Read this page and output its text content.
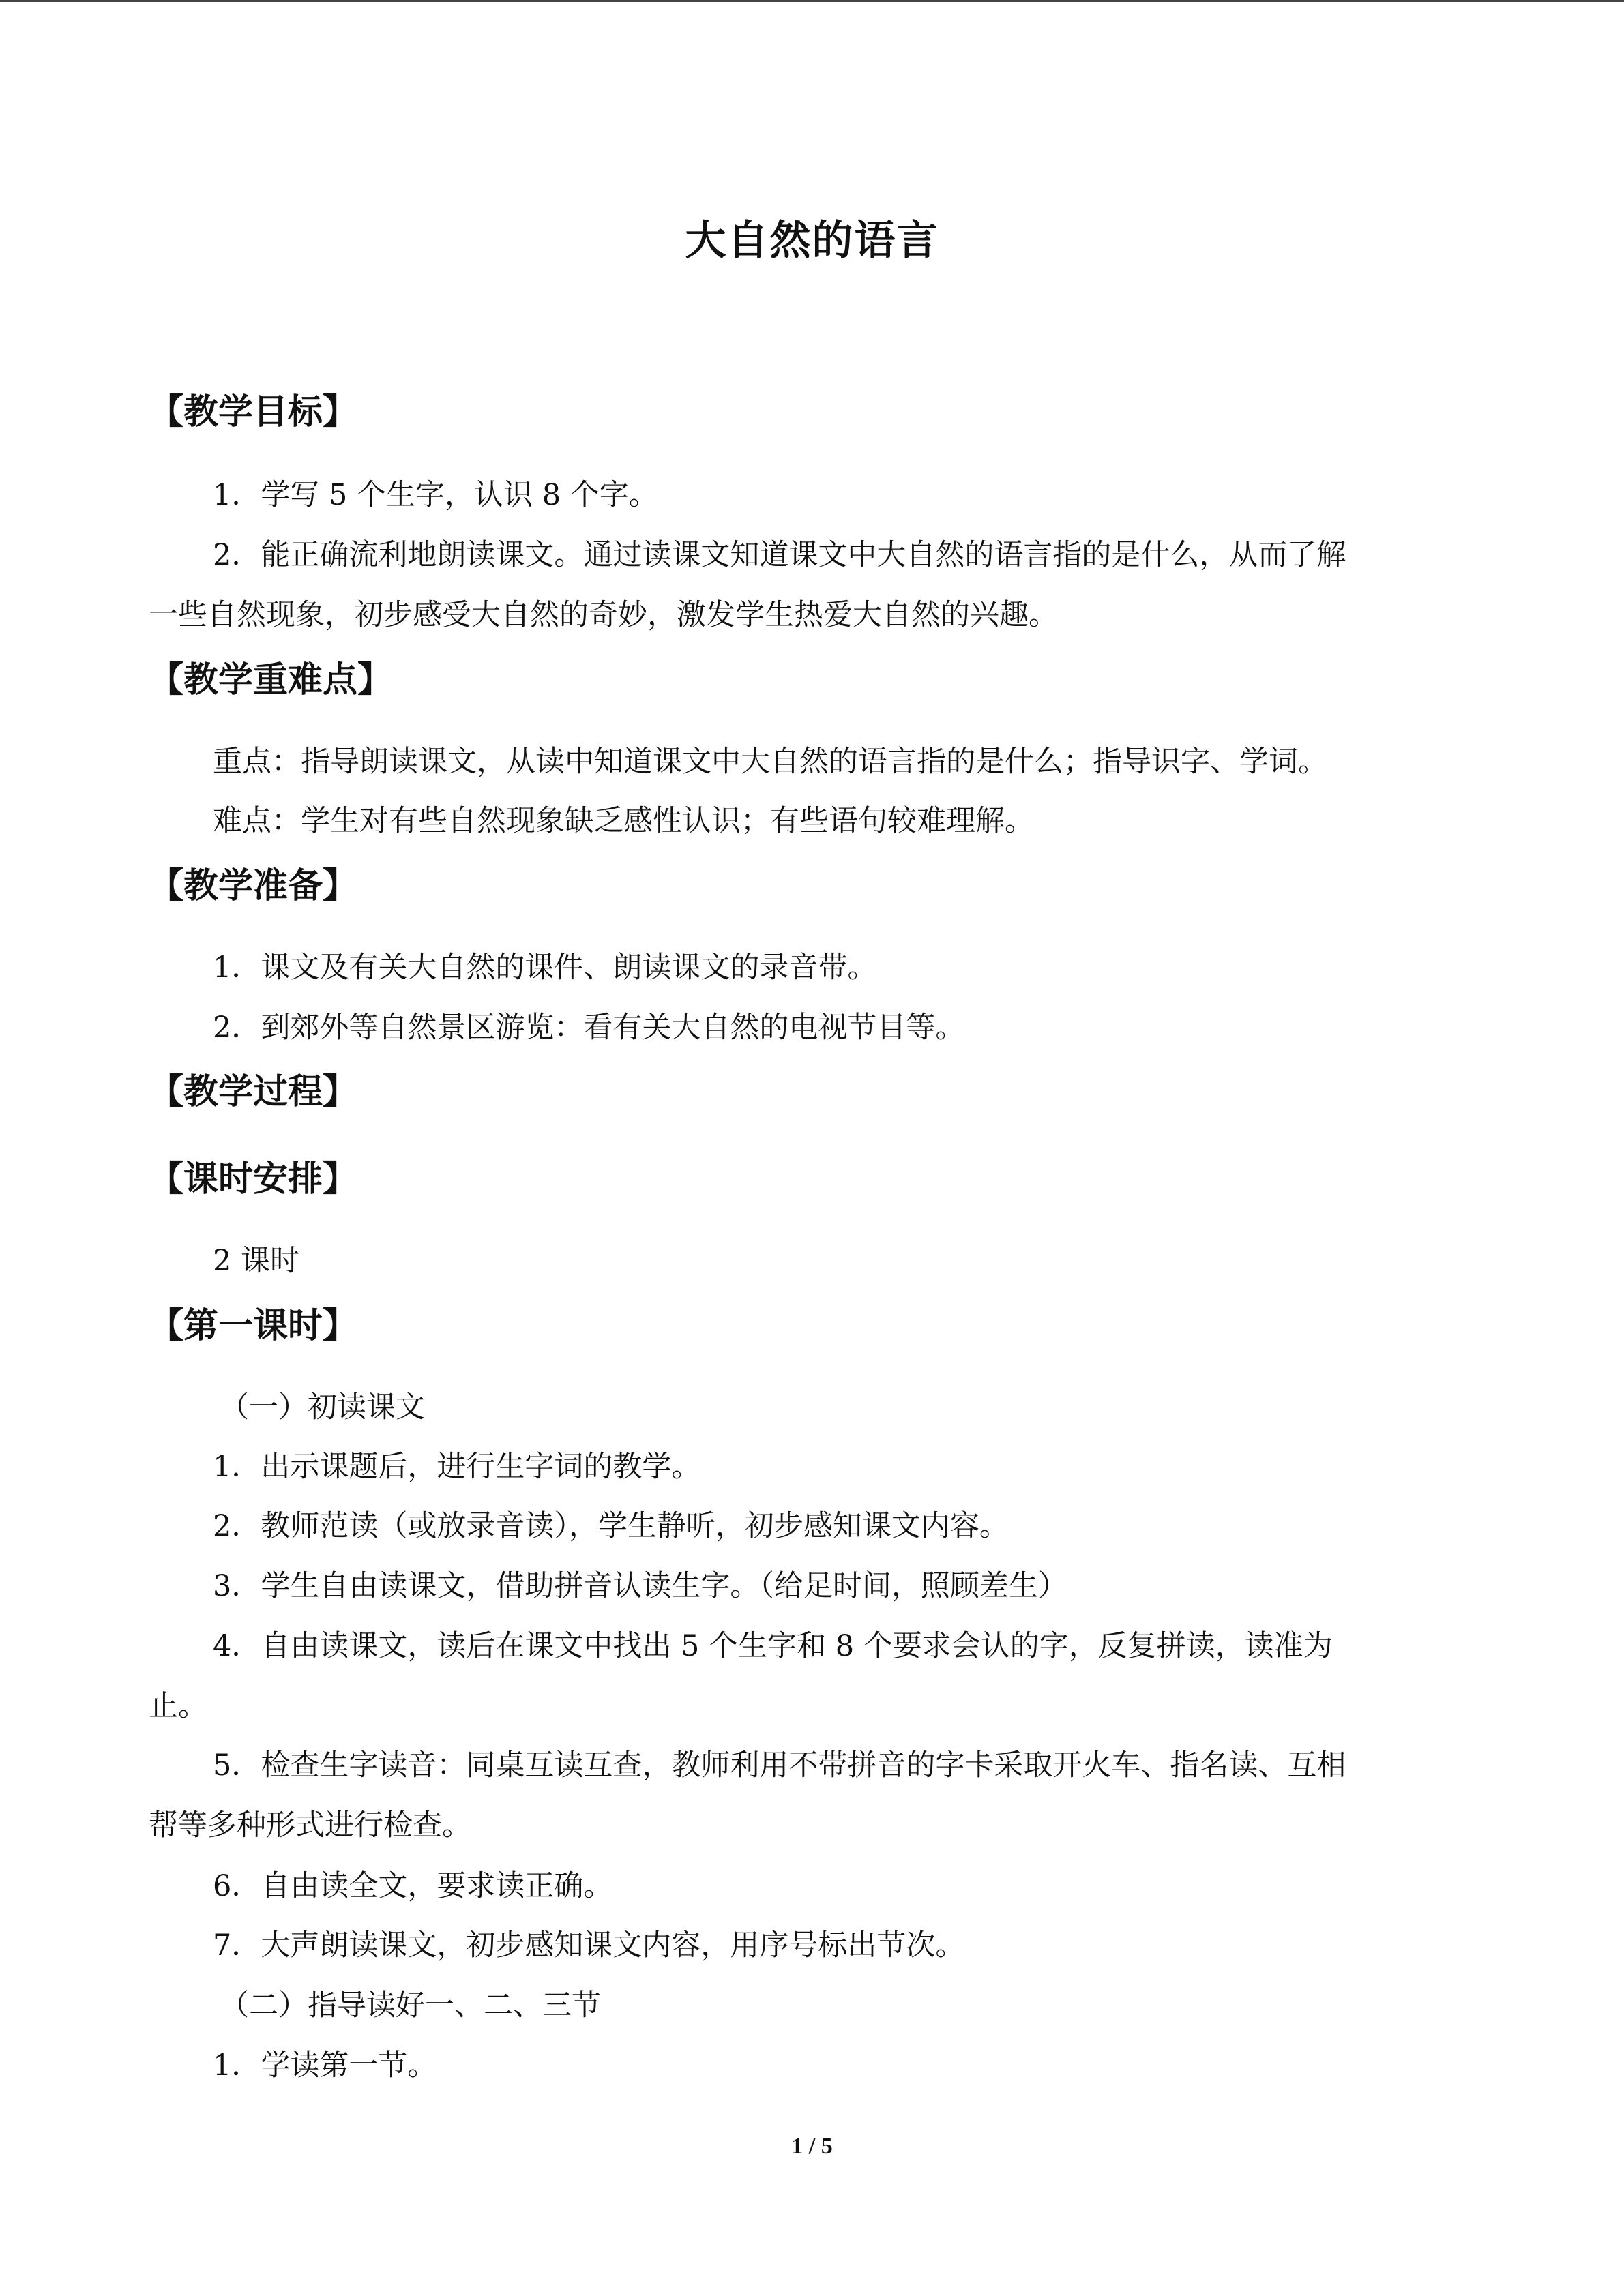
大自然的语言
【教学目标】
1．学写 5 个生字，认识 8 个字。
2．能正确流利地朗读课文。通过读课文知道课文中大自然的语言指的是什么，从而了解
一些自然现象，初步感受大自然的奇妙，激发学生热爱大自然的兴趣。
【教学重难点】
重点：指导朗读课文，从读中知道课文中大自然的语言指的是什么；指导识字、学词。
难点：学生对有些自然现象缺乏感性认识；有些语句较难理解。
【教学准备】
1．课文及有关大自然的课件、朗读课文的录音带。
2．到郊外等自然景区游览：看有关大自然的电视节目等。
【教学过程】
【课时安排】
2 课时
【第一课时】
（一）初读课文
1．出示课题后，进行生字词的教学。
2．教师范读（或放录音读），学生静听，初步感知课文内容。
3．学生自由读课文，借助拼音认读生字。（给足时间，照顾差生）
4．自由读课文，读后在课文中找出 5 个生字和 8 个要求会认的字，反复拼读，读准为
止。
5．检查生字读音：同桌互读互查，教师利用不带拼音的字卡采取开火车、指名读、互相
帮等多种形式进行检查。
6．自由读全文，要求读正确。
7．大声朗读课文，初步感知课文内容，用序号标出节次。
（二）指导读好一、二、三节
1．学读第一节。
1 / 5
